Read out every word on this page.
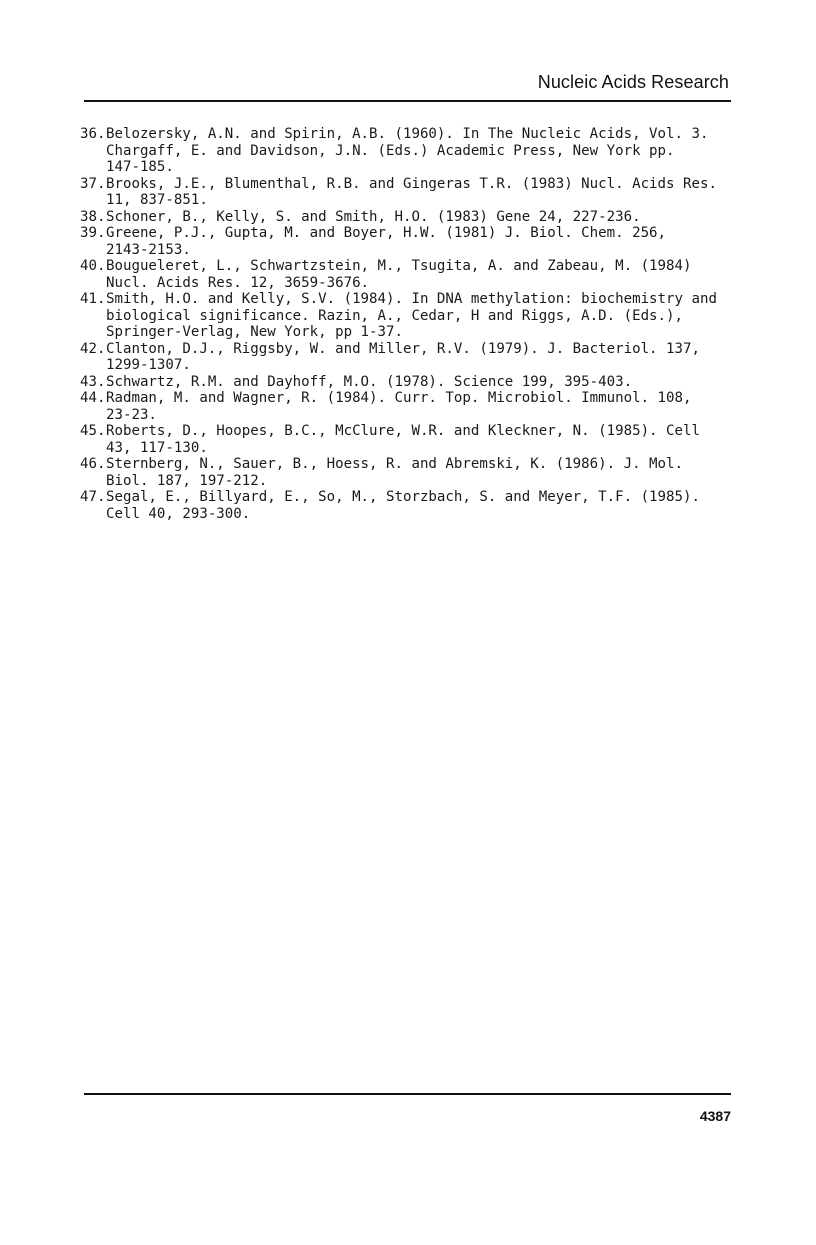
Nucleic Acids Research
36. Belozersky, A.N. and Spirin, A.B. (1960). In The Nucleic Acids, Vol. 3.
Chargaff, E. and Davidson, J.N. (Eds.) Academic Press, New York pp.
147-185.
37. Brooks, J.E., Blumenthal, R.B. and Gingeras T.R. (1983) Nucl. Acids Res.
11, 837-851.
38. Schoner, B., Kelly, S. and Smith, H.O. (1983) Gene 24, 227-236.
39. Greene, P.J., Gupta, M. and Boyer, H.W. (1981) J. Biol. Chem. 256,
2143-2153.
40. Bougueleret, L., Schwartzstein, M., Tsugita, A. and Zabeau, M. (1984)
Nucl. Acids Res. 12, 3659-3676.
41. Smith, H.O. and Kelly, S.V. (1984). In DNA methylation: biochemistry and
biological significance. Razin, A., Cedar, H and Riggs, A.D. (Eds.),
Springer-Verlag, New York, pp 1-37.
42. Clanton, D.J., Riggsby, W. and Miller, R.V. (1979). J. Bacteriol. 137,
1299-1307.
43. Schwartz, R.M. and Dayhoff, M.O. (1978). Science 199, 395-403.
44. Radman, M. and Wagner, R. (1984). Curr. Top. Microbiol. Immunol. 108,
23-23.
45. Roberts, D., Hoopes, B.C., McClure, W.R. and Kleckner, N. (1985). Cell
43, 117-130.
46. Sternberg, N., Sauer, B., Hoess, R. and Abremski, K. (1986). J. Mol.
Biol. 187, 197-212.
47. Segal, E., Billyard, E., So, M., Storzbach, S. and Meyer, T.F. (1985).
Cell 40, 293-300.
4387
